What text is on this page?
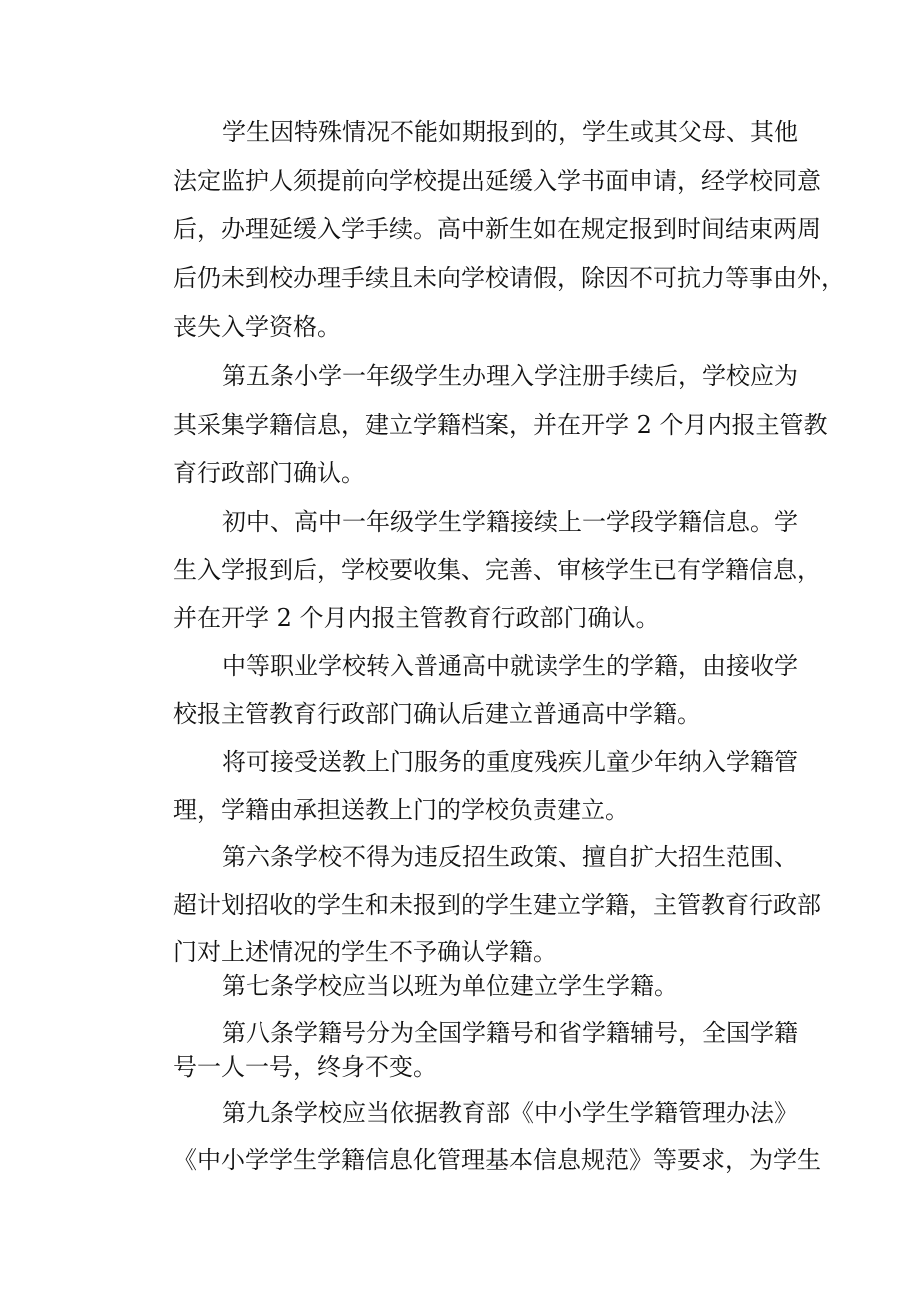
学生因特殊情况不能如期报到的，学生或其父母、其他
法定监护人须提前向学校提出延缓入学书面申请，经学校同意
后，办理延缓入学手续。高中新生如在规定报到时间结束两周
后仍未到校办理手续且未向学校请假，除因不可抗力等事由外，
丧失入学资格。
第五条小学一年级学生办理入学注册手续后，学校应为
其采集学籍信息，建立学籍档案，并在开学 2 个月内报主管教
育行政部门确认。
初中、高中一年级学生学籍接续上一学段学籍信息。学
生入学报到后，学校要收集、完善、审核学生已有学籍信息，
并在开学 2 个月内报主管教育行政部门确认。
中等职业学校转入普通高中就读学生的学籍，由接收学
校报主管教育行政部门确认后建立普通高中学籍。
将可接受送教上门服务的重度残疾儿童少年纳入学籍管
理，学籍由承担送教上门的学校负责建立。
第六条学校不得为违反招生政策、擅自扩大招生范围、
超计划招收的学生和未报到的学生建立学籍，主管教育行政部
门对上述情况的学生不予确认学籍。
第七条学校应当以班为单位建立学生学籍。
第八条学籍号分为全国学籍号和省学籍辅号，全国学籍
号一人一号，终身不变。
第九条学校应当依据教育部《中小学生学籍管理办法》
《中小学学生学籍信息化管理基本信息规范》等要求，为学生
